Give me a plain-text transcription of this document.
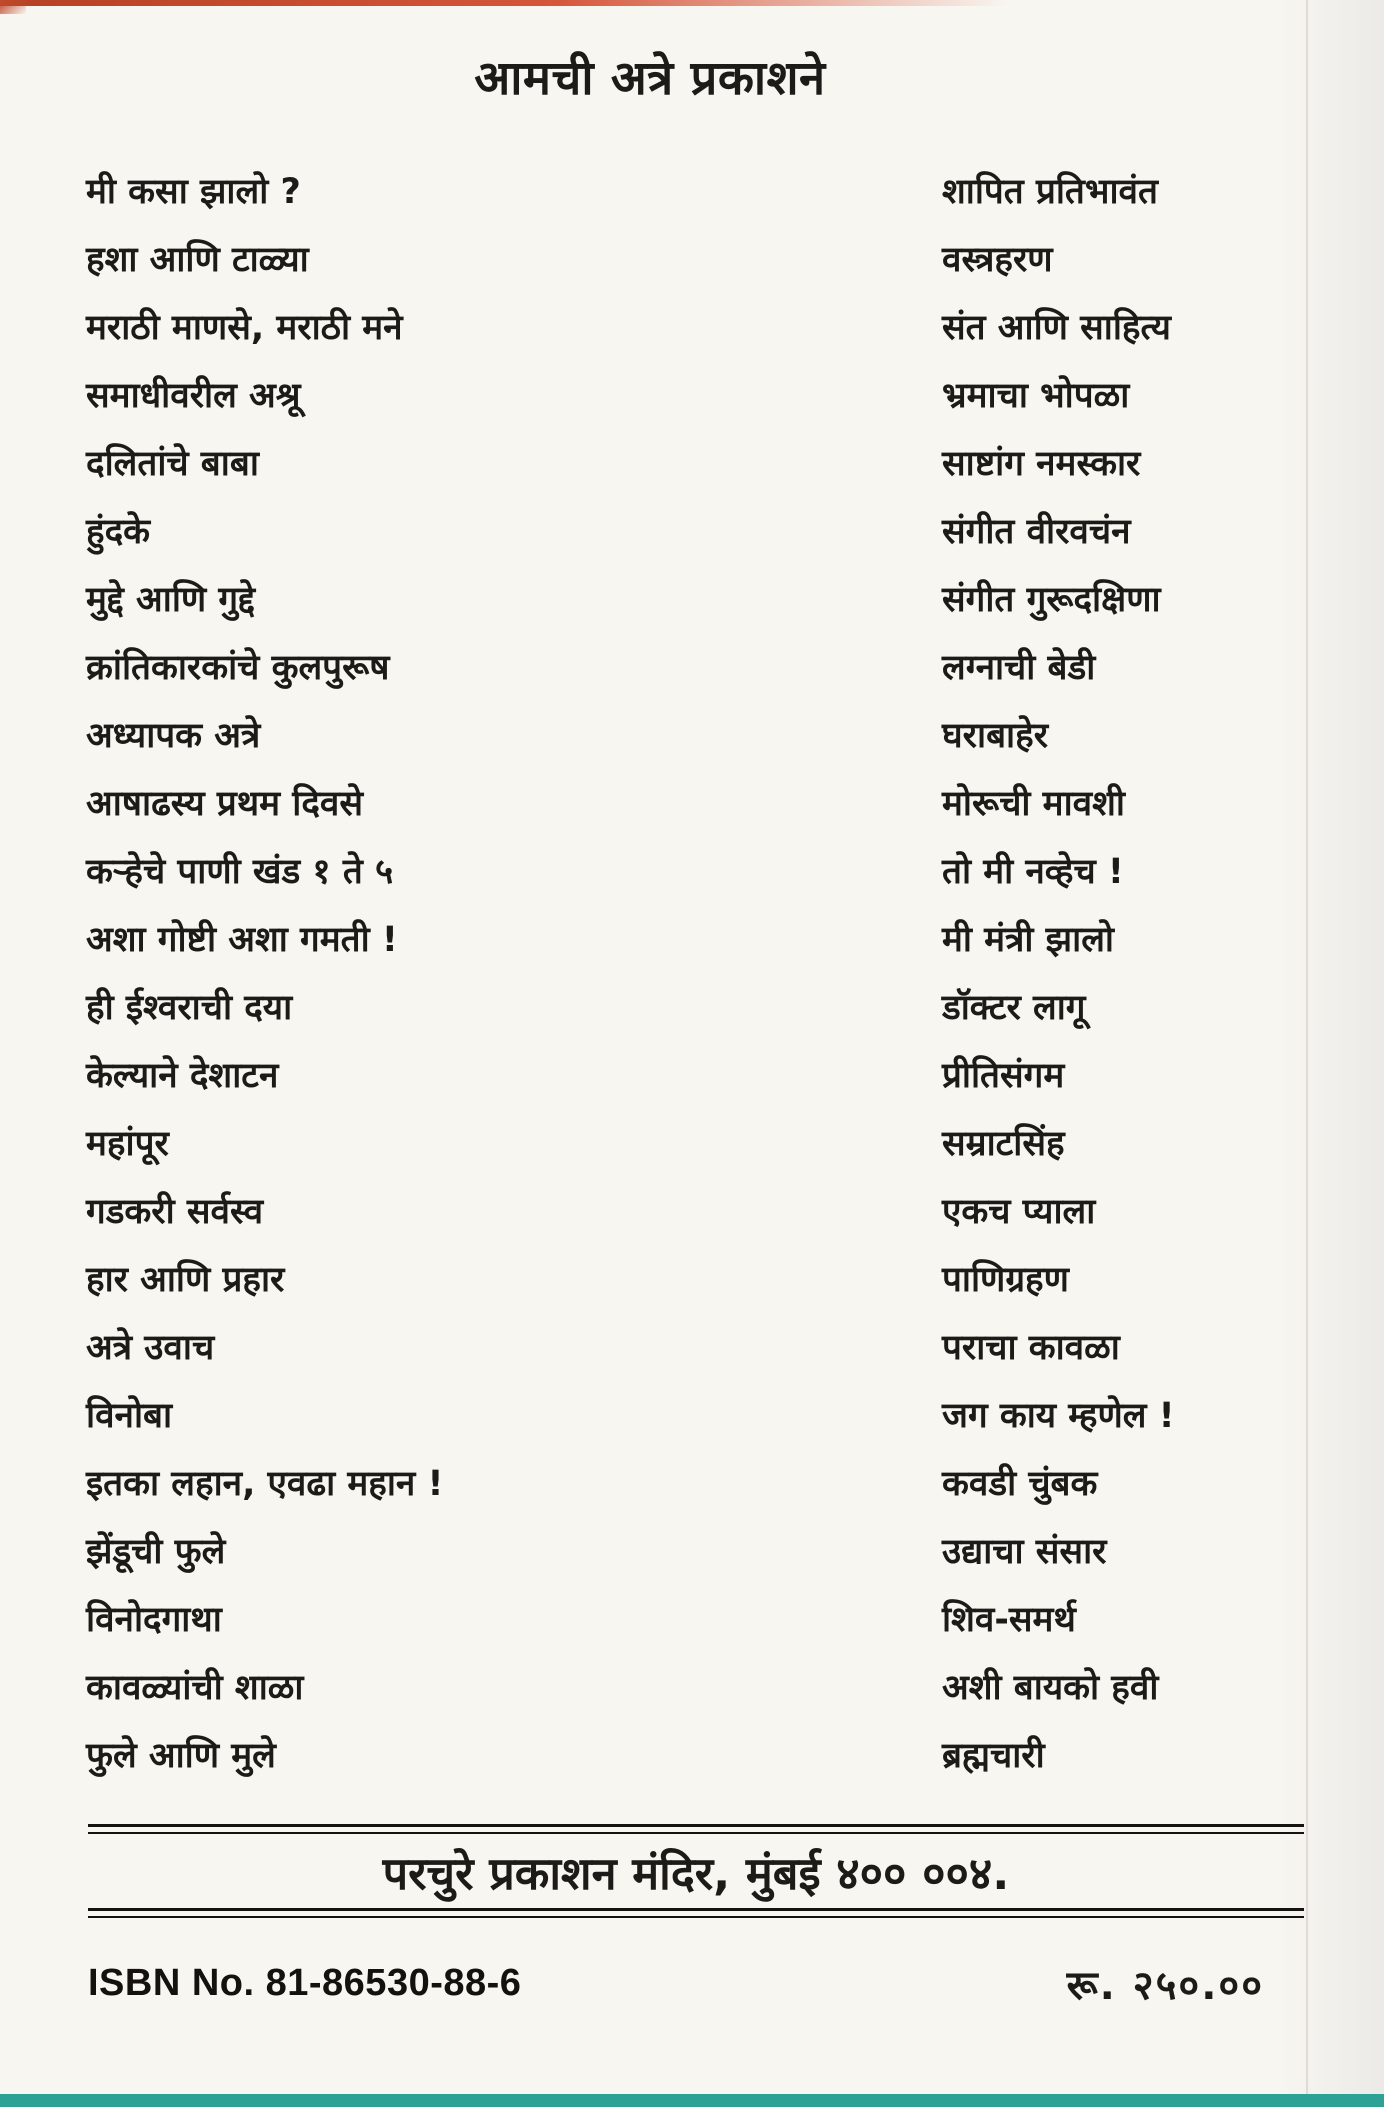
आमची अत्रे प्रकाशने
मी कसा झालो ?
हशा आणि टाळ्या
मराठी माणसे, मराठी मने
समाधीवरील अश्रू
दलितांचे बाबा
हुंदके
मुद्दे आणि गुद्दे
क्रांतिकारकांचे कुलपुरूष
अध्यापक अत्रे
आषाढस्य प्रथम दिवसे
कऱ्हेचे पाणी खंड १ ते ५
अशा गोष्टी अशा गमती !
ही ईश्वराची दया
केल्याने देशाटन
महांपूर
गडकरी सर्वस्व
हार आणि प्रहार
अत्रे उवाच
विनोबा
इतका लहान, एवढा महान !
झेंडूची फुले
विनोदगाथा
कावळ्यांची शाळा
फुले आणि मुले
शापित प्रतिभावंत
वस्त्रहरण
संत आणि साहित्य
भ्रमाचा भोपळा
साष्टांग नमस्कार
संगीत वीरवचंन
संगीत गुरूदक्षिणा
लग्नाची बेडी
घराबाहेर
मोरूची मावशी
तो मी नव्हेच !
मी मंत्री झालो
डॉक्टर लागू
प्रीतिसंगम
सम्राटसिंह
एकच प्याला
पाणिग्रहण
पराचा कावळा
जग काय म्हणेल !
कवडी चुंबक
उद्याचा संसार
शिव-समर्थ
अशी बायको हवी
ब्रह्मचारी
परचुरे प्रकाशन मंदिर, मुंबई ४०० ००४.
ISBN No. 81-86530-88-6	रू. २५०.००
